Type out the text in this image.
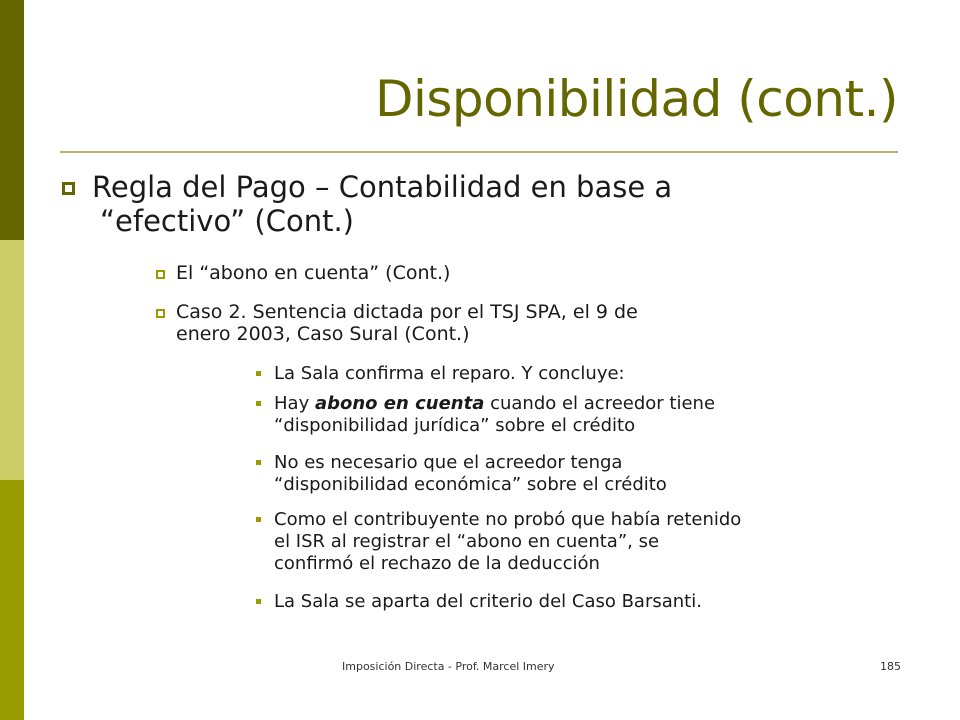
Disponibilidad (cont.)
Regla del Pago – Contabilidad en base a
“efectivo” (Cont.)
El “abono en cuenta” (Cont.)
Caso 2. Sentencia dictada por el TSJ SPA, el 9 de
enero 2003, Caso Sural (Cont.)
La Sala confirma el reparo. Y concluye:
Hay abono en cuenta cuando el acreedor tiene
“disponibilidad jurídica” sobre el crédito
No es necesario que el acreedor tenga
“disponibilidad económica” sobre el crédito
Como el contribuyente no probó que había retenido
el ISR al registrar el “abono en cuenta”, se
confirmó el rechazo de la deducción
La Sala se aparta del criterio del Caso Barsanti.
Imposición Directa - Prof. Marcel Imery	185
